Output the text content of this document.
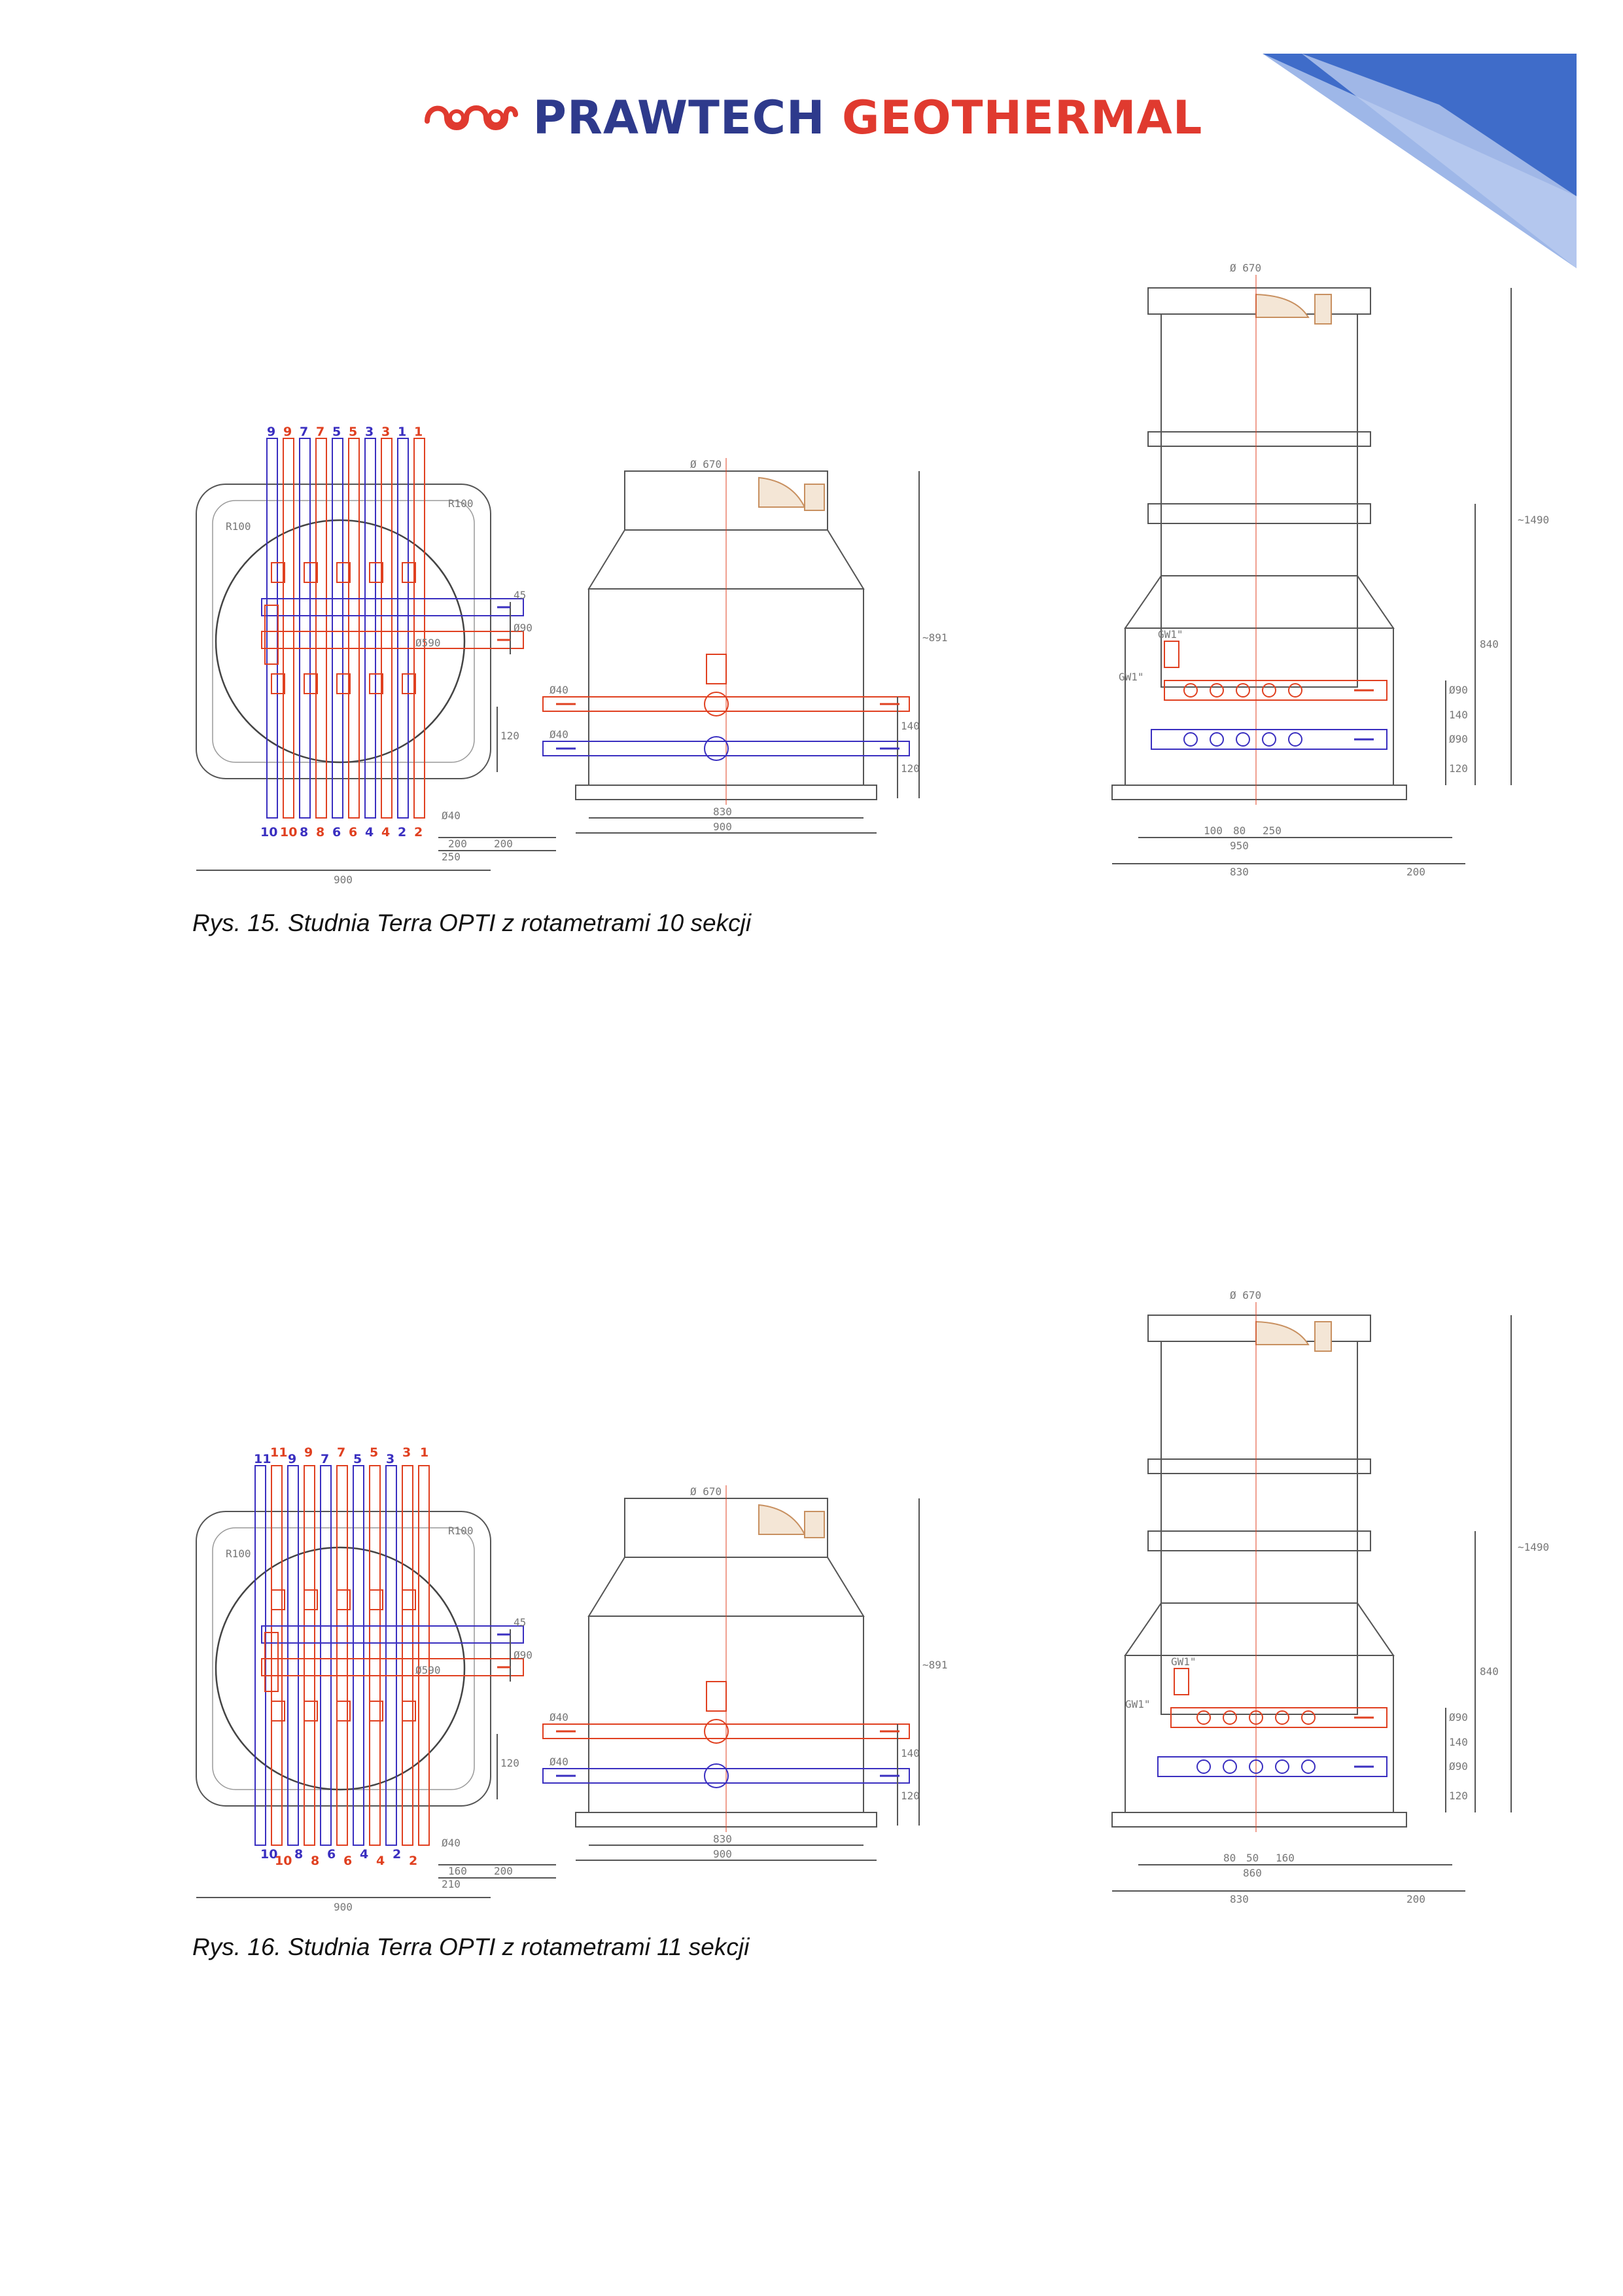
PRAWTECH GEOTHERMAL
9 9 7 7 5 5 3 3 1 1
10 10 8 8 6 6 4 4 2 2
900
Ø590
Ø40
45
Ø90
250
200	200
120
R100
R100
Ø 670
830
900
~891
Ø40
Ø40
140
120
Ø 670
~1490
840
GW1"
GW1"
100 80 250
950
830	200
Ø90
Ø90
140
120
Rys. 15. Studnia Terra OPTI z rotametrami 10 sekcji
11
11 9 9 7 7 5 5 3 3 1
10
10 8 8 6 6 4 4 2 2
900
Ø590
Ø40
45
Ø90
210
160	200
120
R100
R100
Ø 670
830
900
~891
Ø40
Ø40
140
120
Ø 670
~1490
840
GW1"
GW1"
80 50 160
860
830	200
Ø90
Ø90
140
120
Rys. 16. Studnia Terra OPTI z rotametrami 11 sekcji
